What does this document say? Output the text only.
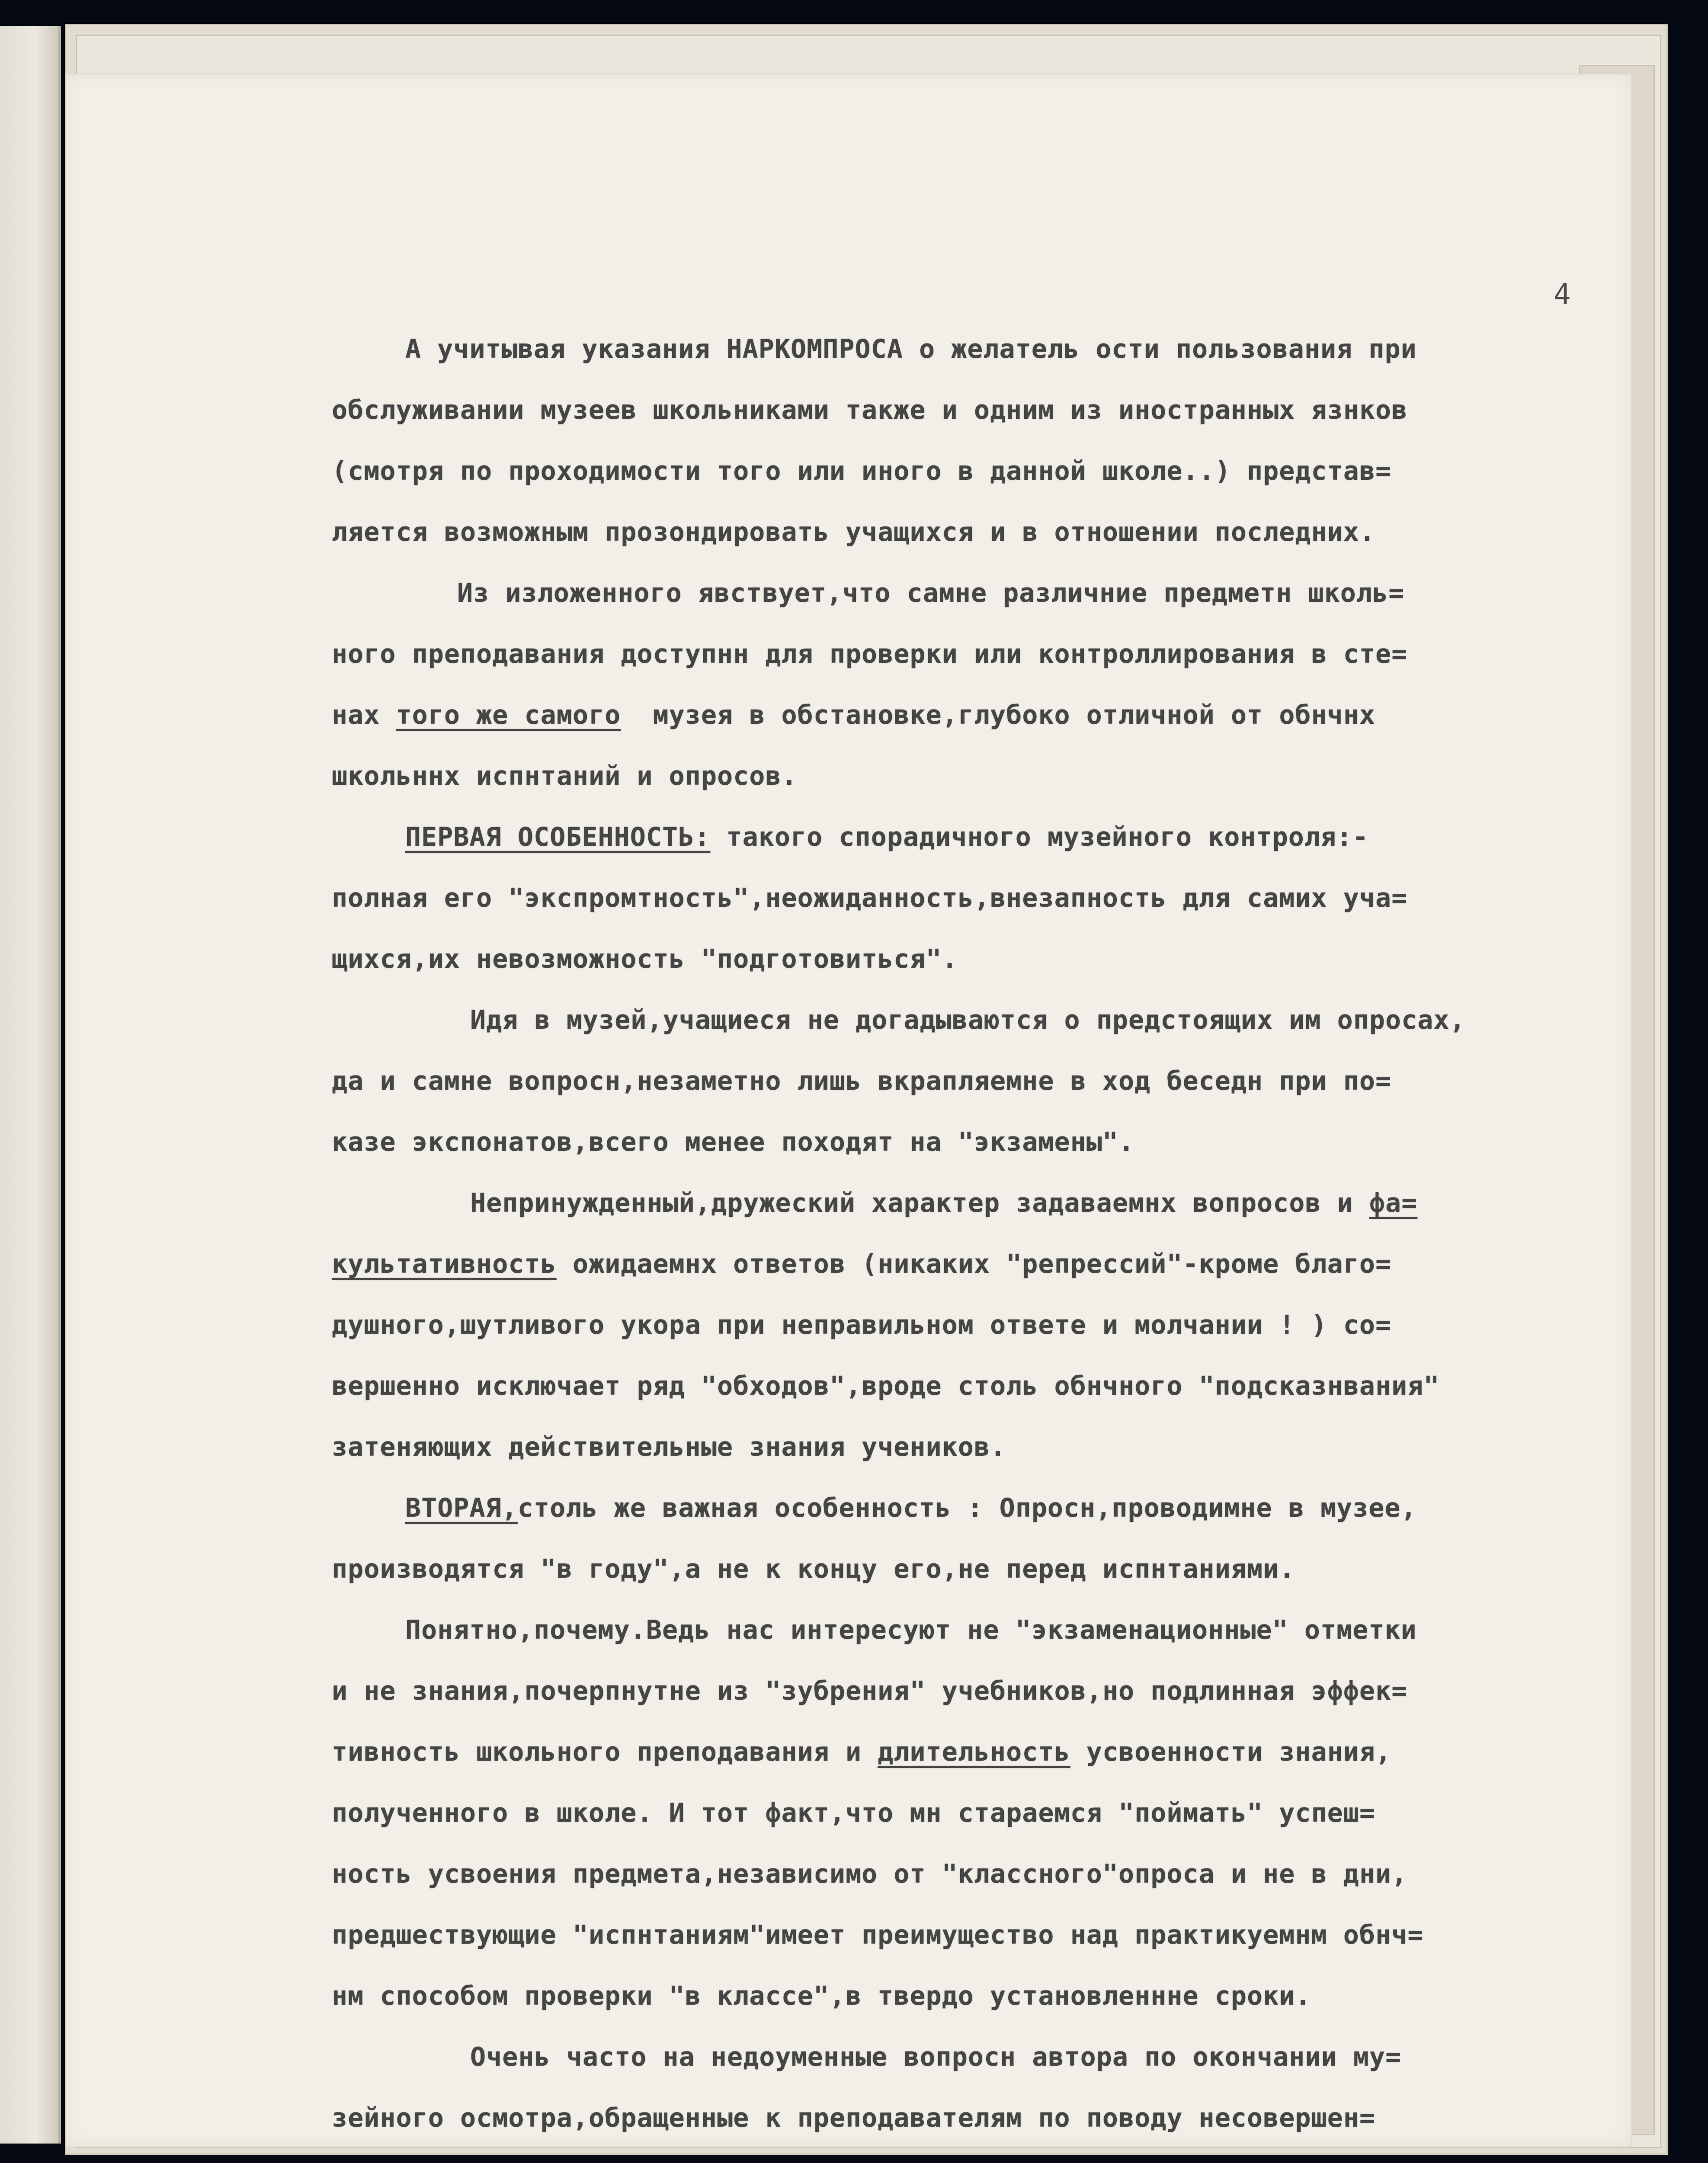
4

А учитывая указания НАРКОМПРОСА о желатель ости пользования при
обслуживании музеев школьниками также и одним из иностранных язнков
(смотря по проходимости того или иного в данной школе..) представ=
ляется возможным прозондировать учащихся и в отношении последних.
Из изложенного явствует,что самне различние предметн школь=
ного преподавания доступнн для проверки или контроллирования в сте=
нах того же самого  музея в обстановке,глубоко отличной от обнчнх
школьннх испнтаний и опросов.
ПЕРВАЯ ОСОБЕННОСТЬ: такого спорадичного музейного контроля:-
полная его "экспромтность",неожиданность,внезапность для самих уча=
щихся,их невозможность "подготовиться".
Идя в музей,учащиеся не догадываются о предстоящих им опросах,
да и самне вопросн,незаметно лишь вкрапляемне в ход беседн при по=
казе экспонатов,всего менее походят на "экзамены".
Непринужденный,дружеский характер задаваемнх вопросов и фа=
культативность ожидаемнх ответов (никаких "репрессий"-кроме благо=
душного,шутливого укора при неправильном ответе и молчании ! ) со=
вершенно исключает ряд "обходов",вроде столь обнчного "подсказнвания"
затеняющих действительные знания учеников.
ВТОРАЯ,столь же важная особенность : Опросн,проводимне в музее,
производятся "в году",а не к концу его,не перед испнтаниями.
Понятно,почему.Ведь нас интересуют не "экзаменационные" отметки
и не знания,почерпнутне из "зубрения" учебников,но подлинная эффек=
тивность школьного преподавания и длительность усвоенности знания,
полученного в школе. И тот факт,что мн стараемся "поймать" успеш=
ность усвоения предмета,независимо от "классного"опроса и не в дни,
предшествующие "испнтаниям"имеет преимущество над практикуемнм обнч=
нм способом проверки "в классе",в твердо установленнне сроки.
Очень часто на недоуменные вопросн автора по окончании му=
зейного осмотра,обращенные к преподавателям по поводу несовершен=
